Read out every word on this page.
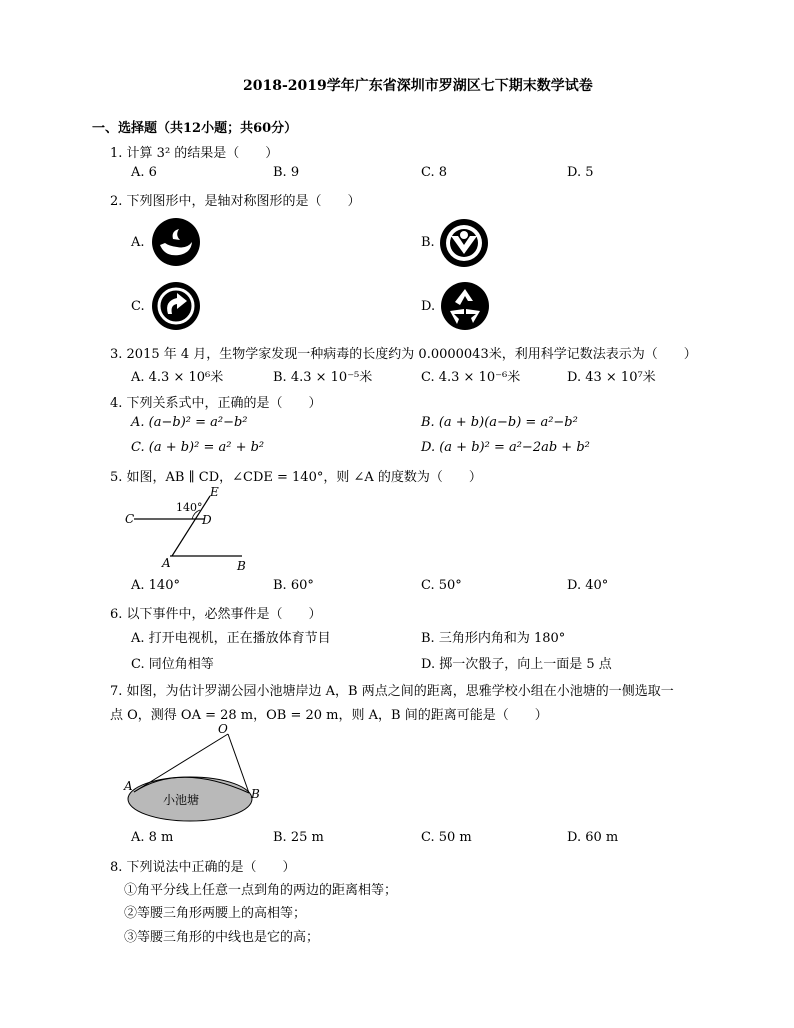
2018-2019学年广东省深圳市罗湖区七下期末数学试卷
一、选择题（共12小题；共60分）
1. 计算 3² 的结果是（　　）
A. 6	B. 9	C. 8	D. 5
2. 下列图形中，是轴对称图形的是（　　）
A.	B.
C.	D.
3. 2015 年 4 月，生物学家发现一种病毒的长度约为 0.0000043米，利用科学记数法表示为（　　）
A. 4.3 × 10⁶米	B. 4.3 × 10⁻⁵米	C. 4.3 × 10⁻⁶米	D. 43 × 10⁷米
4. 下列关系式中，正确的是（　　）
A. (a−b)² = a²−b²	B. (a + b)(a−b) = a²−b²
C. (a + b)² = a² + b²	D. (a + b)² = a²−2ab + b²
5. 如图，AB ∥ CD，∠CDE = 140°，则 ∠A 的度数为（　　）
E
140°
D
C
A	B
A. 140°	B. 60°	C. 50°	D. 40°
6. 以下事件中，必然事件是（　　）
A. 打开电视机，正在播放体育节目	B. 三角形内角和为 180°
C. 同位角相等	D. 掷一次骰子，向上一面是 5 点
7. 如图，为估计罗湖公园小池塘岸边 A，B 两点之间的距离，思雅学校小组在小池塘的一侧选取一
点 O，测得 OA = 28 m，OB = 20 m，则 A，B 间的距离可能是（　　）
O
A
B
小池塘
A. 8 m	B. 25 m	C. 50 m	D. 60 m
8. 下列说法中正确的是（　　）
①角平分线上任意一点到角的两边的距离相等；
②等腰三角形两腰上的高相等；
③等腰三角形的中线也是它的高；
